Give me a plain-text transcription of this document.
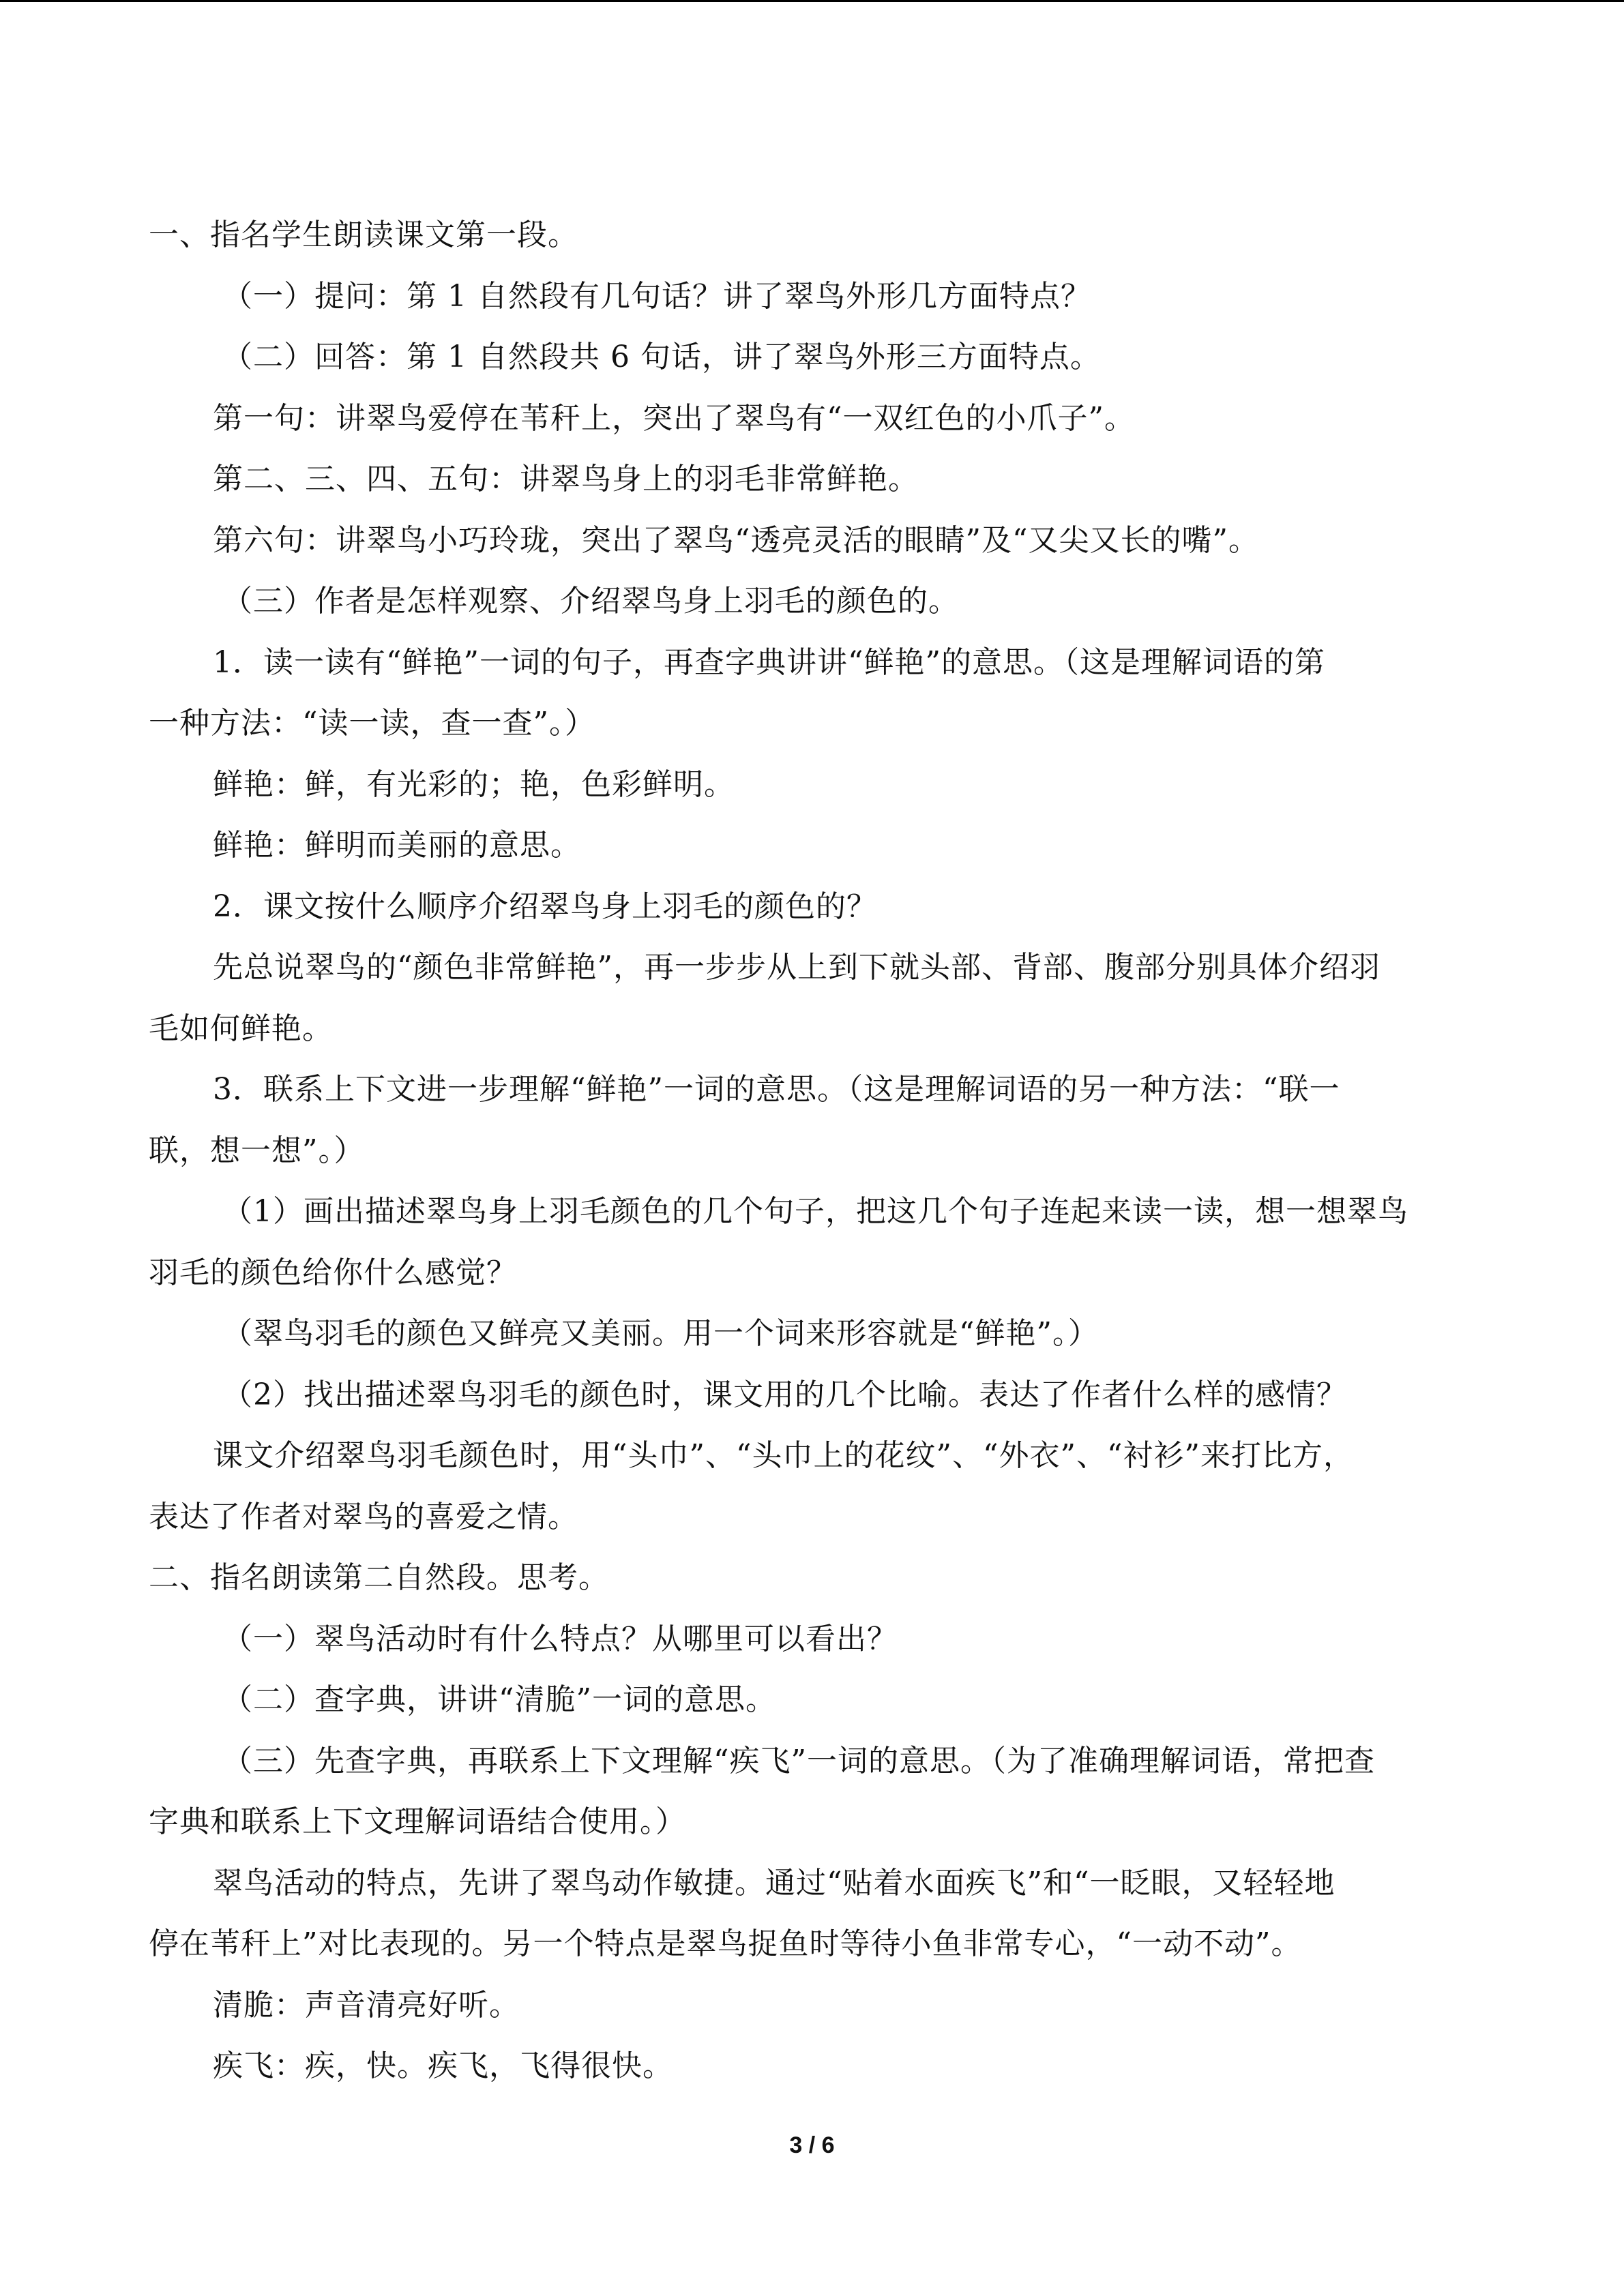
一、指名学生朗读课文第一段。

（一）提问：第 1 自然段有几句话？讲了翠鸟外形几方面特点？

（二）回答：第 1 自然段共 6 句话，讲了翠鸟外形三方面特点。

第一句：讲翠鸟爱停在苇秆上，突出了翠鸟有“一双红色的小爪子”。

第二、三、四、五句：讲翠鸟身上的羽毛非常鲜艳。

第六句：讲翠鸟小巧玲珑，突出了翠鸟“透亮灵活的眼睛”及“又尖又长的嘴”。

（三）作者是怎样观察、介绍翠鸟身上羽毛的颜色的。

1．读一读有“鲜艳”一词的句子，再查字典讲讲“鲜艳”的意思。（这是理解词语的第

一种方法：“读一读，查一查”。）

鲜艳：鲜，有光彩的；艳，色彩鲜明。

鲜艳：鲜明而美丽的意思。

2．课文按什么顺序介绍翠鸟身上羽毛的颜色的？

先总说翠鸟的“颜色非常鲜艳”，再一步步从上到下就头部、背部、腹部分别具体介绍羽

毛如何鲜艳。

3．联系上下文进一步理解“鲜艳”一词的意思。（这是理解词语的另一种方法：“联一

联，想一想”。）

（1）画出描述翠鸟身上羽毛颜色的几个句子，把这几个句子连起来读一读，想一想翠鸟

羽毛的颜色给你什么感觉？

（翠鸟羽毛的颜色又鲜亮又美丽。用一个词来形容就是“鲜艳”。）

（2）找出描述翠鸟羽毛的颜色时，课文用的几个比喻。表达了作者什么样的感情？

课文介绍翠鸟羽毛颜色时，用“头巾”、“头巾上的花纹”、“外衣”、“衬衫”来打比方，

表达了作者对翠鸟的喜爱之情。

二、指名朗读第二自然段。思考。

（一）翠鸟活动时有什么特点？从哪里可以看出？

（二）查字典，讲讲“清脆”一词的意思。

（三）先查字典，再联系上下文理解“疾飞”一词的意思。（为了准确理解词语，常把查

字典和联系上下文理解词语结合使用。）

翠鸟活动的特点，先讲了翠鸟动作敏捷。通过“贴着水面疾飞”和“一眨眼，又轻轻地

停在苇秆上”对比表现的。另一个特点是翠鸟捉鱼时等待小鱼非常专心，“一动不动”。

清脆：声音清亮好听。

疾飞：疾，快。疾飞，飞得很快。

3 / 6
